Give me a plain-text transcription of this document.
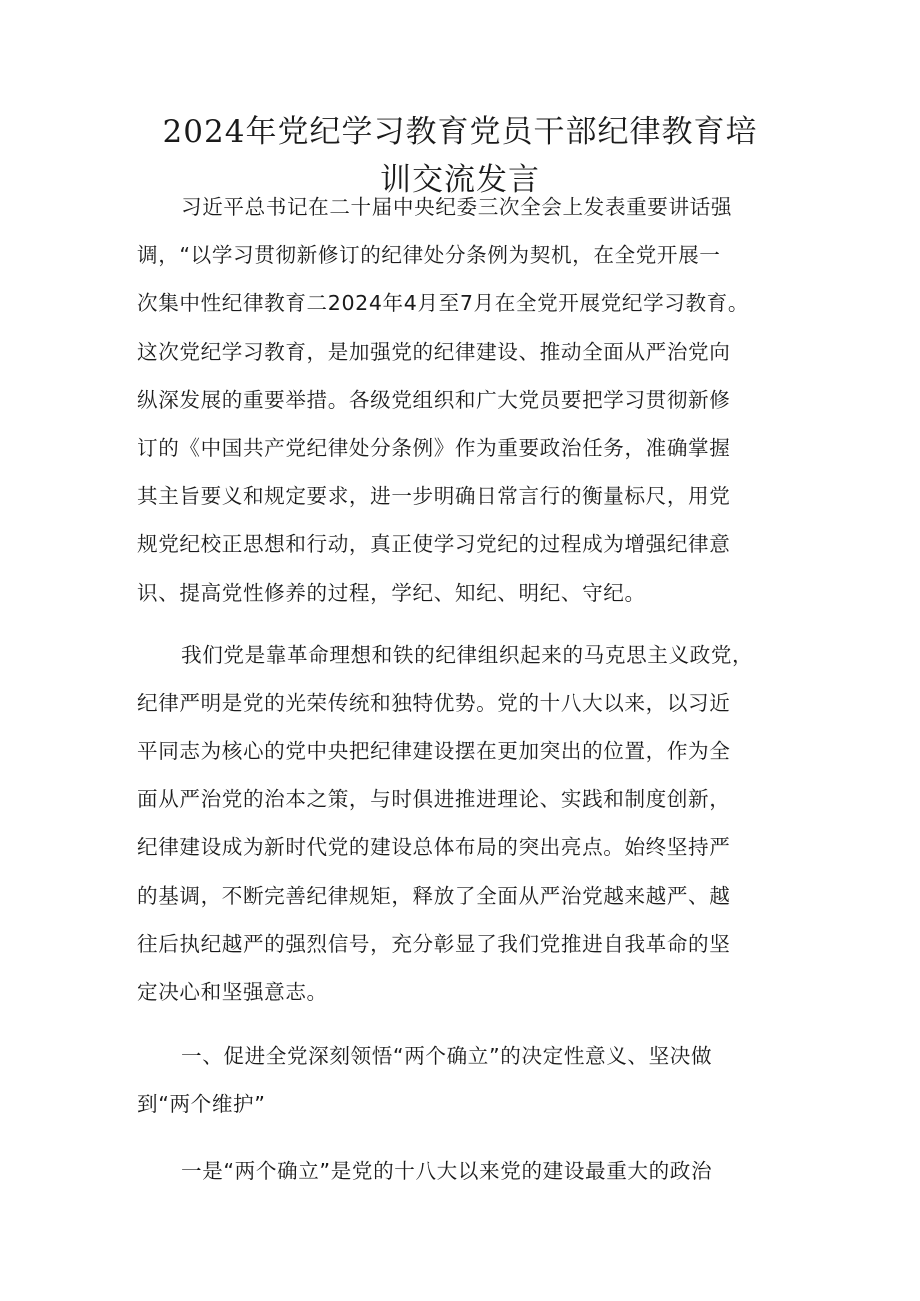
2024年党纪学习教育党员干部纪律教育培
训交流发言
习近平总书记在二十届中央纪委三次全会上发表重要讲话强
调，“以学习贯彻新修订的纪律处分条例为契机，在全党开展一
次集中性纪律教育二2024年4月至7月在全党开展党纪学习教育。
这次党纪学习教育，是加强党的纪律建设、推动全面从严治党向
纵深发展的重要举措。各级党组织和广大党员要把学习贯彻新修
订的《中国共产党纪律处分条例》作为重要政治任务，准确掌握
其主旨要义和规定要求，进一步明确日常言行的衡量标尺，用党
规党纪校正思想和行动，真正使学习党纪的过程成为增强纪律意
识、提高党性修养的过程，学纪、知纪、明纪、守纪。
我们党是靠革命理想和铁的纪律组织起来的马克思主义政党，
纪律严明是党的光荣传统和独特优势。党的十八大以来，以习近
平同志为核心的党中央把纪律建设摆在更加突出的位置，作为全
面从严治党的治本之策，与时俱进推进理论、实践和制度创新，
纪律建设成为新时代党的建设总体布局的突出亮点。始终坚持严
的基调，不断完善纪律规矩，释放了全面从严治党越来越严、越
往后执纪越严的强烈信号，充分彰显了我们党推进自我革命的坚
定决心和坚强意志。
一、促进全党深刻领悟“两个确立”的决定性意义、坚决做
到“两个维护”
一是“两个确立”是党的十八大以来党的建设最重大的政治
